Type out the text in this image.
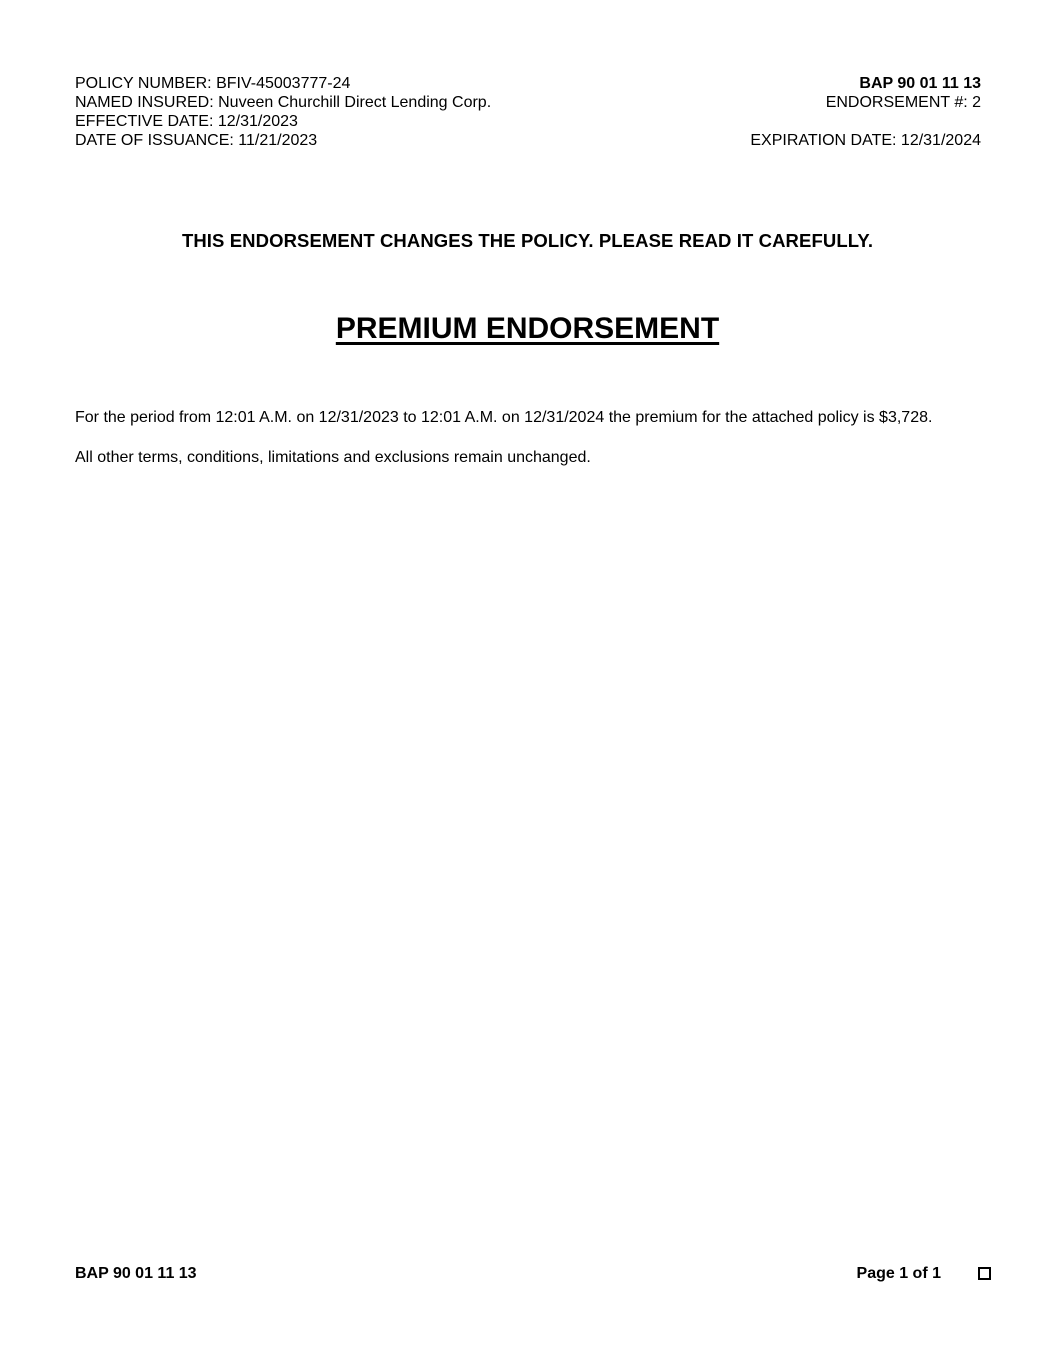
POLICY NUMBER: BFIV-45003777-24
NAMED INSURED: Nuveen Churchill Direct Lending Corp.
EFFECTIVE DATE: 12/31/2023
DATE OF ISSUANCE: 11/21/2023
BAP 90 01 11 13
ENDORSEMENT #: 2
EXPIRATION DATE: 12/31/2024
THIS ENDORSEMENT CHANGES THE POLICY. PLEASE READ IT CAREFULLY.
PREMIUM ENDORSEMENT

For the period from 12:01 A.M. on 12/31/2023 to 12:01 A.M. on 12/31/2024 the premium for the attached policy is $3,728.

All other terms, conditions, limitations and exclusions remain unchanged.

BAP 90 01 11 13	Page 1 of 1
